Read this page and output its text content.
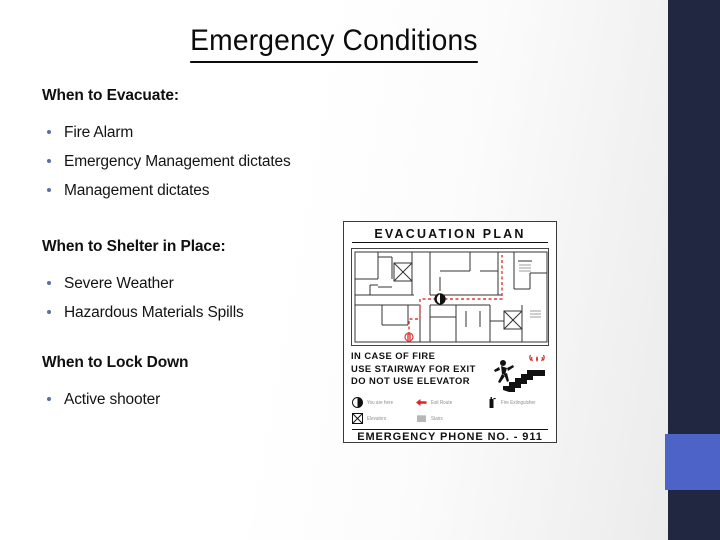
Emergency Conditions
When to Evacuate:
Fire Alarm
Emergency Management dictates
Management dictates
When to Shelter in Place:
Severe Weather
Hazardous Materials Spills
When to Lock Down
Active shooter
EVACUATION PLAN
IN CASE OF FIRE
USE STAIRWAY FOR EXIT
DO NOT USE ELEVATOR
You are here	Exit Route	Fire Extinguisher
Elevators	Stairs
EMERGENCY PHONE NO. - 911
